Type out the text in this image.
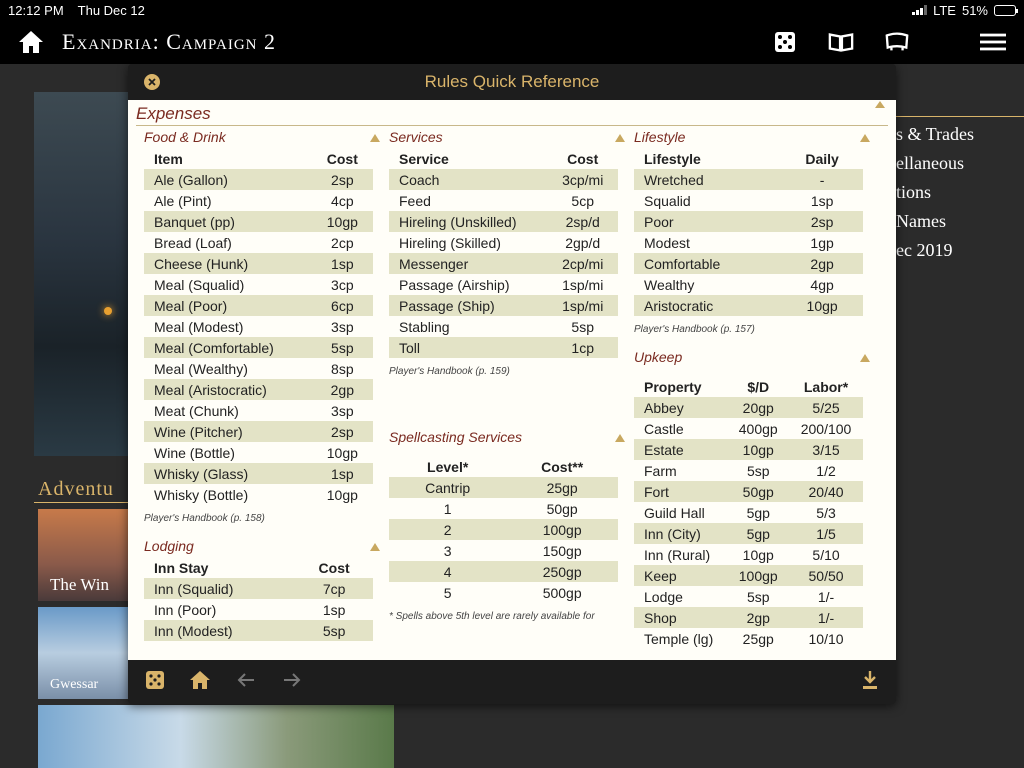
12:12 PM Thu Dec 12	LTE 51%
Exandria: Campaign 2
Adventu
The Win
Gwessar
s & Trades
ellaneous
tions
Names
ec 2019
Rules Quick Reference
Expenses
Food & Drink
Item	Cost
Ale (Gallon)	2sp
Ale (Pint)	4cp
Banquet (pp)	10gp
Bread (Loaf)	2cp
Cheese (Hunk)	1sp
Meal (Squalid)	3cp
Meal (Poor)	6cp
Meal (Modest)	3sp
Meal (Comfortable)	5sp
Meal (Wealthy)	8sp
Meal (Aristocratic)	2gp
Meat (Chunk)	3sp
Wine (Pitcher)	2sp
Wine (Bottle)	10gp
Whisky (Glass)	1sp
Whisky (Bottle)	10gp
Player's Handbook (p. 158)
Lodging
Inn Stay	Cost
Inn (Squalid)	7cp
Inn (Poor)	1sp
Inn (Modest)	5sp
Services
Service	Cost
Coach	3cp/mi
Feed	5cp
Hireling (Unskilled)	2sp/d
Hireling (Skilled)	2gp/d
Messenger	2cp/mi
Passage (Airship)	1sp/mi
Passage (Ship)	1sp/mi
Stabling	5sp
Toll	1cp
Player's Handbook (p. 159)
Spellcasting Services
Level*	Cost**
Cantrip	25gp
1	50gp
2	100gp
3	150gp
4	250gp
5	500gp
* Spells above 5th level are rarely available for
Lifestyle
Lifestyle	Daily
Wretched	-
Squalid	1sp
Poor	2sp
Modest	1gp
Comfortable	2gp
Wealthy	4gp
Aristocratic	10gp
Player's Handbook (p. 157)
Upkeep
Property	$/D	Labor*
Abbey	20gp	5/25
Castle	400gp	200/100
Estate	10gp	3/15
Farm	5sp	1/2
Fort	50gp	20/40
Guild Hall	5gp	5/3
Inn (City)	5gp	1/5
Inn (Rural)	10gp	5/10
Keep	100gp	50/50
Lodge	5sp	1/-
Shop	2gp	1/-
Temple (lg)	25gp	10/10
